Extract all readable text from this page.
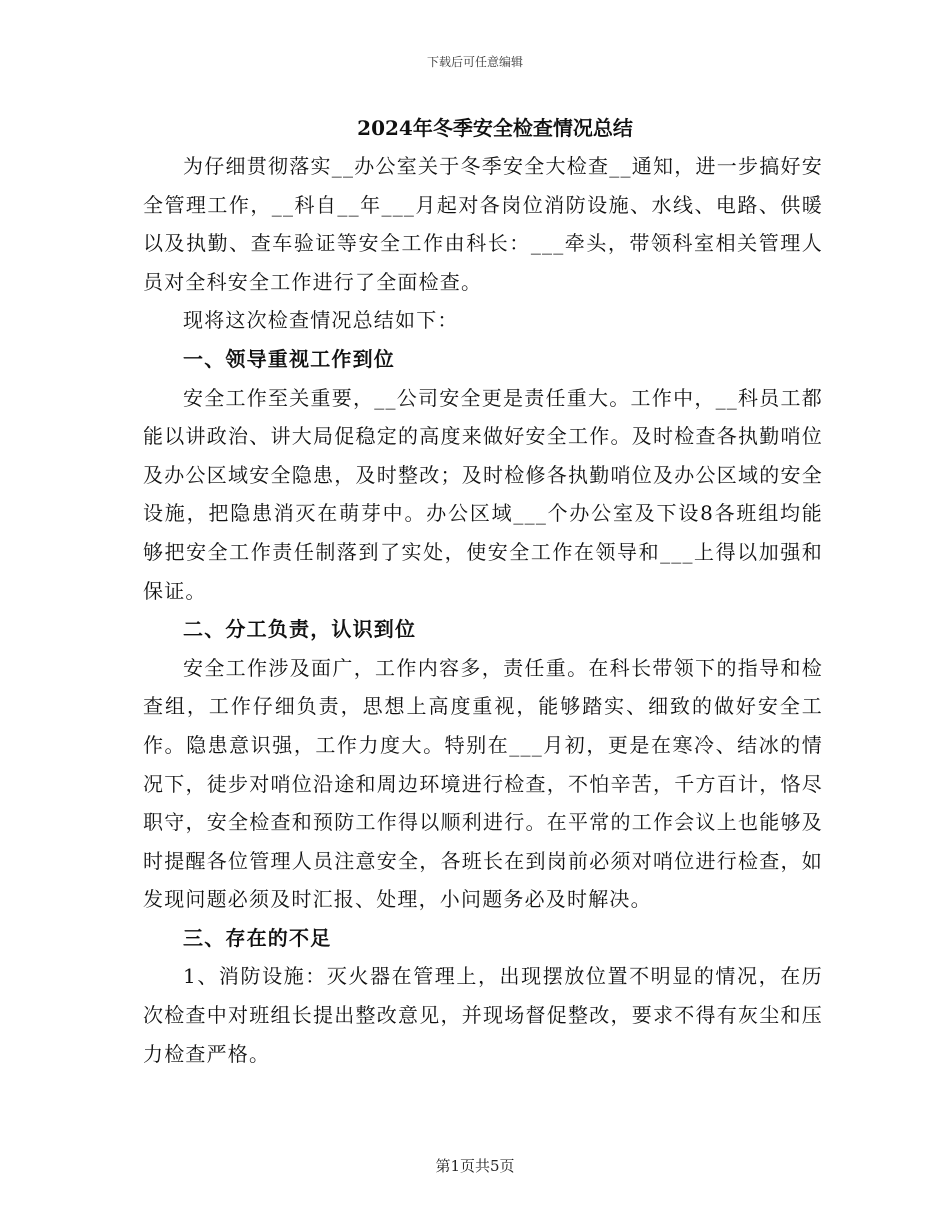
下载后可任意编辑
2024年冬季安全检查情况总结

为仔细贯彻落实__办公室关于冬季安全大检查__通知，进一步搞好安全管理工作，__科自__年___月起对各岗位消防设施、水线、电路、供暖以及执勤、查车验证等安全工作由科长：___牵头，带领科室相关管理人员对全科安全工作进行了全面检查。

现将这次检查情况总结如下：

一、领导重视工作到位

安全工作至关重要，__公司安全更是责任重大。工作中，__科员工都能以讲政治、讲大局促稳定的高度来做好安全工作。及时检查各执勤哨位及办公区域安全隐患，及时整改；及时检修各执勤哨位及办公区域的安全设施，把隐患消灭在萌芽中。办公区域___个办公室及下设8各班组均能够把安全工作责任制落到了实处，使安全工作在领导和___上得以加强和保证。

二、分工负责，认识到位

安全工作涉及面广，工作内容多，责任重。在科长带领下的指导和检查组，工作仔细负责，思想上高度重视，能够踏实、细致的做好安全工作。隐患意识强，工作力度大。特别在___月初，更是在寒冷、结冰的情况下，徒步对哨位沿途和周边环境进行检查，不怕辛苦，千方百计，恪尽职守，安全检查和预防工作得以顺利进行。在平常的工作会议上也能够及时提醒各位管理人员注意安全，各班长在到岗前必须对哨位进行检查，如发现问题必须及时汇报、处理，小问题务必及时解决。

三、存在的不足

1、消防设施：灭火器在管理上，出现摆放位置不明显的情况，在历次检查中对班组长提出整改意见，并现场督促整改，要求不得有灰尘和压力检查严格。

第1页共5页
